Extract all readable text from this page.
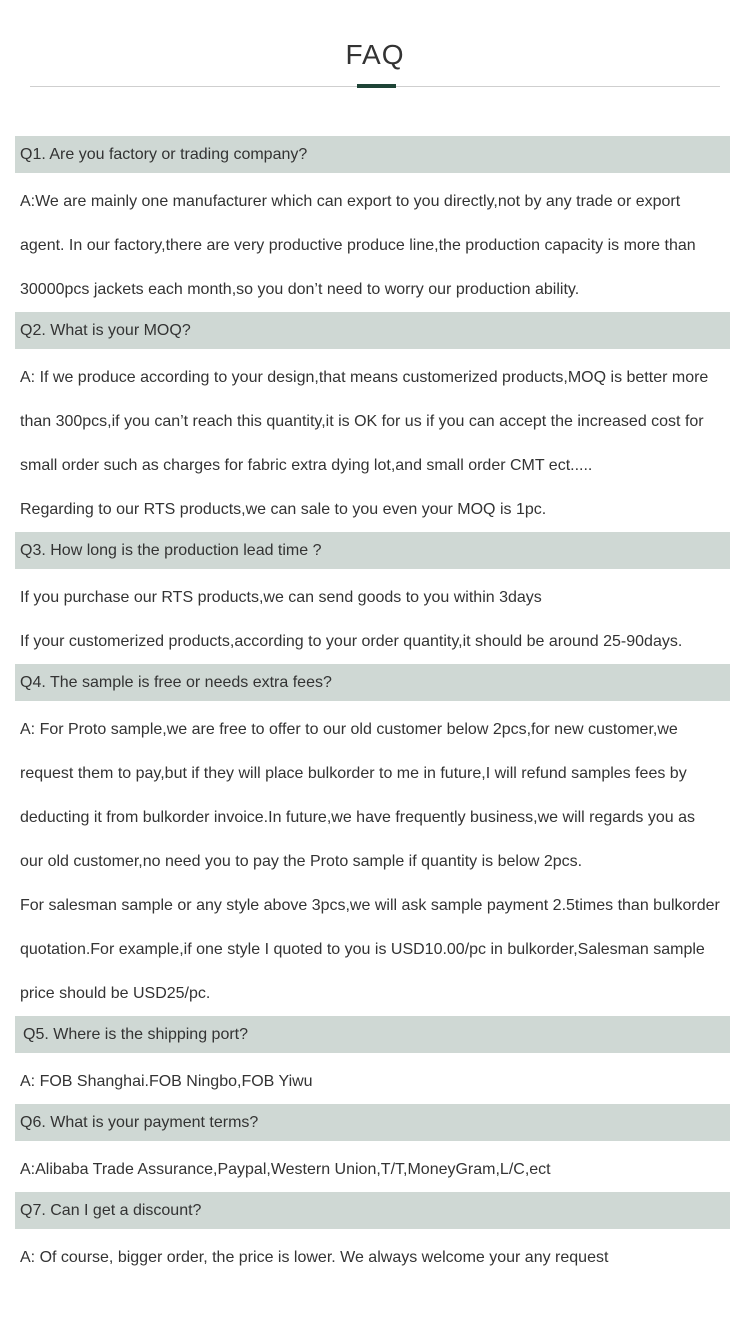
FAQ
Q1. Are you factory or trading company?
A:We are mainly one manufacturer which can export to you directly,not by any trade or export
agent. In our factory,there are very productive produce line,the production capacity is more than
30000pcs jackets each month,so you don’t need to worry our production ability.
Q2. What is your MOQ?
A: If we produce according to your design,that means customerized products,MOQ is better more
than 300pcs,if you can’t reach this quantity,it is OK for us if you can accept the increased cost for
small order such as charges for fabric extra dying lot,and small order CMT ect.....
Regarding to our RTS products,we can sale to you even your MOQ is 1pc.
Q3. How long is the production lead time ?
If you purchase our RTS products,we can send goods to you within 3days
If your customerized products,according to your order quantity,it should be around 25-90days.
Q4. The sample is free or needs extra fees?
A: For Proto sample,we are free to offer to our old customer below 2pcs,for new customer,we
request them to pay,but if they will place bulkorder to me in future,I will refund samples fees by
deducting it from bulkorder invoice.In future,we have frequently business,we will regards you as
our old customer,no need you to pay the Proto sample if quantity is below 2pcs.
For salesman sample or any style above 3pcs,we will ask sample payment 2.5times than bulkorder
quotation.For example,if one style I quoted to you is USD10.00/pc in bulkorder,Salesman sample
price should be USD25/pc.
Q5. Where is the shipping port?
A: FOB Shanghai.FOB Ningbo,FOB Yiwu
Q6. What is your payment terms?
A:Alibaba Trade Assurance,Paypal,Western Union,T/T,MoneyGram,L/C,ect
Q7. Can I get a discount?
A: Of course, bigger order, the price is lower. We always welcome your any request
